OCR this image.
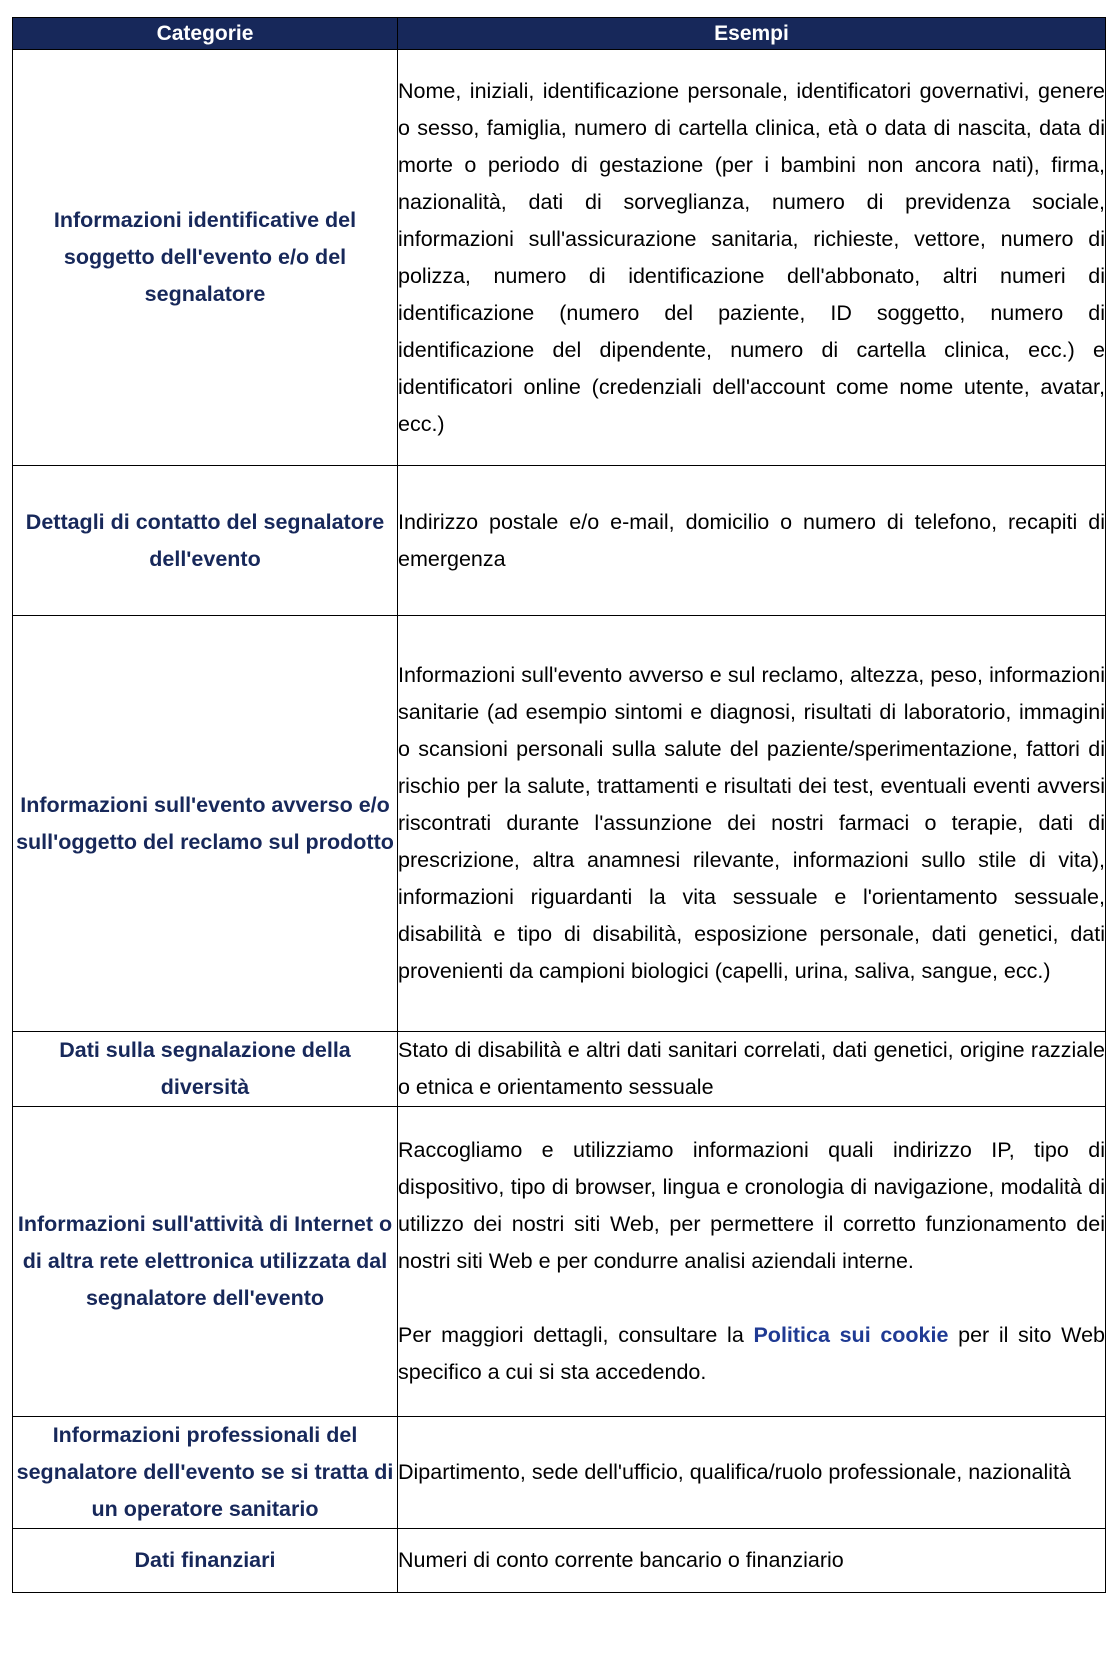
Categorie	Esempi
Informazioni identificative del soggetto dell'evento e/o del segnalatore	Nome, iniziali, identificazione personale, identificatori governativi, genere o sesso, famiglia, numero di cartella clinica, età o data di nascita, data di morte o periodo di gestazione (per i bambini non ancora nati), firma, nazionalità, dati di sorveglianza, numero di previdenza sociale, informazioni sull'assicurazione sanitaria, richieste, vettore, numero di polizza, numero di identificazione dell'abbonato, altri numeri di identificazione (numero del paziente, ID soggetto, numero di identificazione del dipendente, numero di cartella clinica, ecc.) e identificatori online (credenziali dell'account come nome utente, avatar, ecc.)
Dettagli di contatto del segnalatore dell'evento	Indirizzo postale e/o e-mail, domicilio o numero di telefono, recapiti di emergenza
Informazioni sull'evento avverso e/o sull'oggetto del reclamo sul prodotto	Informazioni sull'evento avverso e sul reclamo, altezza, peso, informazioni sanitarie (ad esempio sintomi e diagnosi, risultati di laboratorio, immagini o scansioni personali sulla salute del paziente/sperimentazione, fattori di rischio per la salute, trattamenti e risultati dei test, eventuali eventi avversi riscontrati durante l'assunzione dei nostri farmaci o terapie, dati di prescrizione, altra anamnesi rilevante, informazioni sullo stile di vita), informazioni riguardanti la vita sessuale e l'orientamento sessuale, disabilità e tipo di disabilità, esposizione personale, dati genetici, dati provenienti da campioni biologici (capelli, urina, saliva, sangue, ecc.)
Dati sulla segnalazione della diversità	Stato di disabilità e altri dati sanitari correlati, dati genetici, origine razziale o etnica e orientamento sessuale
Informazioni sull'attività di Internet o di altra rete elettronica utilizzata dal segnalatore dell'evento	Raccogliamo e utilizziamo informazioni quali indirizzo IP, tipo di dispositivo, tipo di browser, lingua e cronologia di navigazione, modalità di utilizzo dei nostri siti Web, per permettere il corretto funzionamento dei nostri siti Web e per condurre analisi aziendali interne.

Per maggiori dettagli, consultare la Politica sui cookie per il sito Web specifico a cui si sta accedendo.

Informazioni professionali del segnalatore dell'evento se si tratta di un operatore sanitario	Dipartimento, sede dell'ufficio, qualifica/ruolo professionale, nazionalità
Dati finanziari	Numeri di conto corrente bancario o finanziario
